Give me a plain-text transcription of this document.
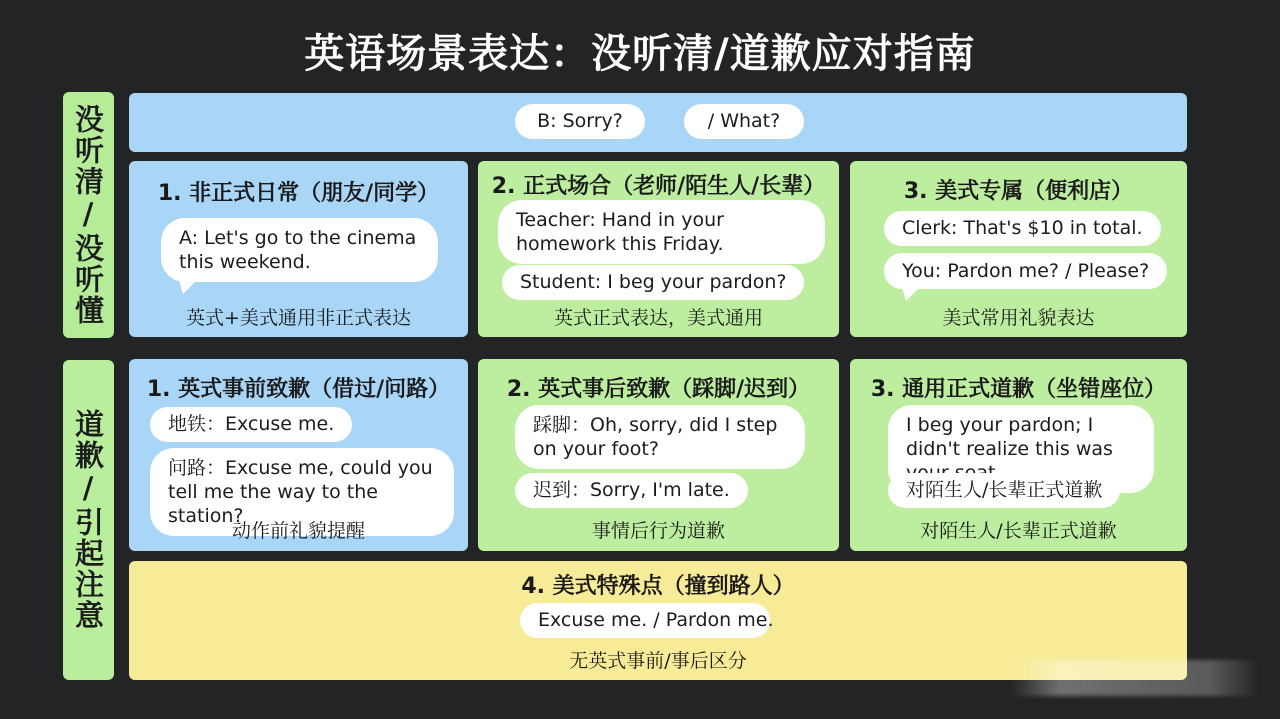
英语场景表达：没听清/道歉应对指南
没听清/没听懂
道歉/引起注意
B: Sorry?	/ What?
1. 非正式日常（朋友/同学）
A: Let's go to the cinema this weekend.
英式+美式通用非正式表达
2. 正式场合（老师/陌生人/长辈）
Teacher: Hand in your homework this Friday.
Student: I beg your pardon?
英式正式表达，美式通用
3. 美式专属（便利店）
Clerk: That's $10 in total.
You: Pardon me? / Please?
美式常用礼貌表达
1. 英式事前致歉（借过/问路）
地铁：Excuse me.
问路：Excuse me, could you tell me the way to the station?
动作前礼貌提醒
2. 英式事后致歉（踩脚/迟到）
踩脚：Oh, sorry, did I step on your foot?
迟到：Sorry, I'm late.
事情后行为道歉
3. 通用正式道歉（坐错座位）
I beg your pardon; I didn't realize this was
对陌生人/长辈正式道歉
对陌生人/长辈正式道歉
4. 美式特殊点（撞到路人）
Excuse me. / Pardon me.
无英式事前/事后区分
